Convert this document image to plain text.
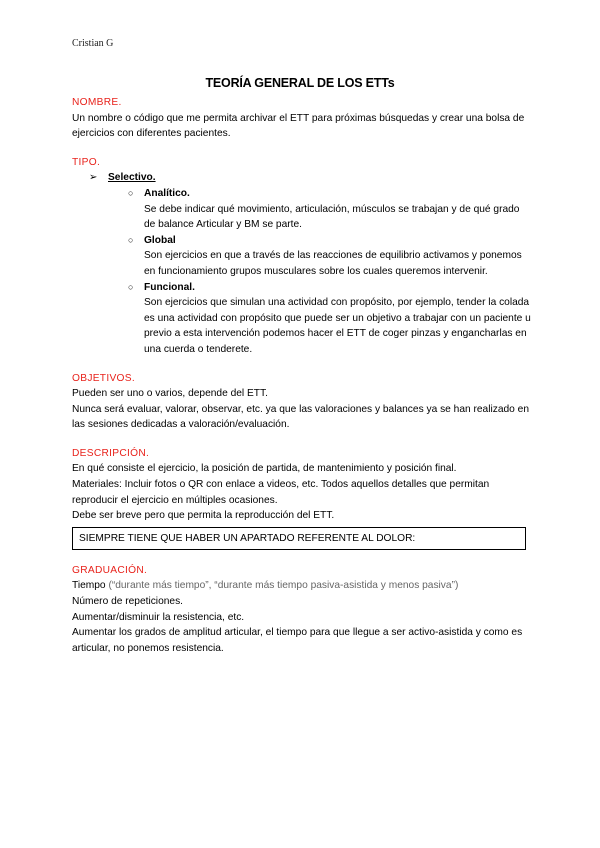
Cristian G
TEORÍA GENERAL DE LOS ETTs

NOMBRE.

Un nombre o código que me permita archivar el ETT para próximas búsquedas y crear una bolsa de ejercicios con diferentes pacientes.

TIPO.

➢ Selectivo.
○ Analítico.
Se debe indicar qué movimiento, articulación, músculos se trabajan y de qué grado de balance Articular y BM se parte.
○ Global
Son ejercicios en que a través de las reacciones de equilibrio activamos y ponemos en funcionamiento grupos musculares sobre los cuales queremos intervenir.
○ Funcional.
Son ejercicios que simulan una actividad con propósito, por ejemplo, tender la colada es una actividad con propósito que puede ser un objetivo a trabajar con un paciente u previo a esta intervención podemos hacer el ETT de coger pinzas y engancharlas en una cuerda o tenderete.

OBJETIVOS.

Pueden ser uno o varios, depende del ETT.

Nunca será evaluar, valorar, observar, etc. ya que las valoraciones y balances ya se han realizado en las sesiones dedicadas a valoración/evaluación.

DESCRIPCIÓN.

En qué consiste el ejercicio, la posición de partida, de mantenimiento y posición final.

Materiales: Incluir fotos o QR con enlace a videos, etc. Todos aquellos detalles que permitan reproducir el ejercicio en múltiples ocasiones.

Debe ser breve pero que permita la reproducción del ETT.

SIEMPRE TIENE QUE HABER UN APARTADO REFERENTE AL DOLOR:

GRADUACIÓN.

Tiempo (“durante más tiempo”, “durante más tiempo pasiva-asistida y menos pasiva”)

Número de repeticiones.

Aumentar/disminuir la resistencia, etc.

Aumentar los grados de amplitud articular, el tiempo para que llegue a ser activo-asistida y como es articular, no ponemos resistencia.
